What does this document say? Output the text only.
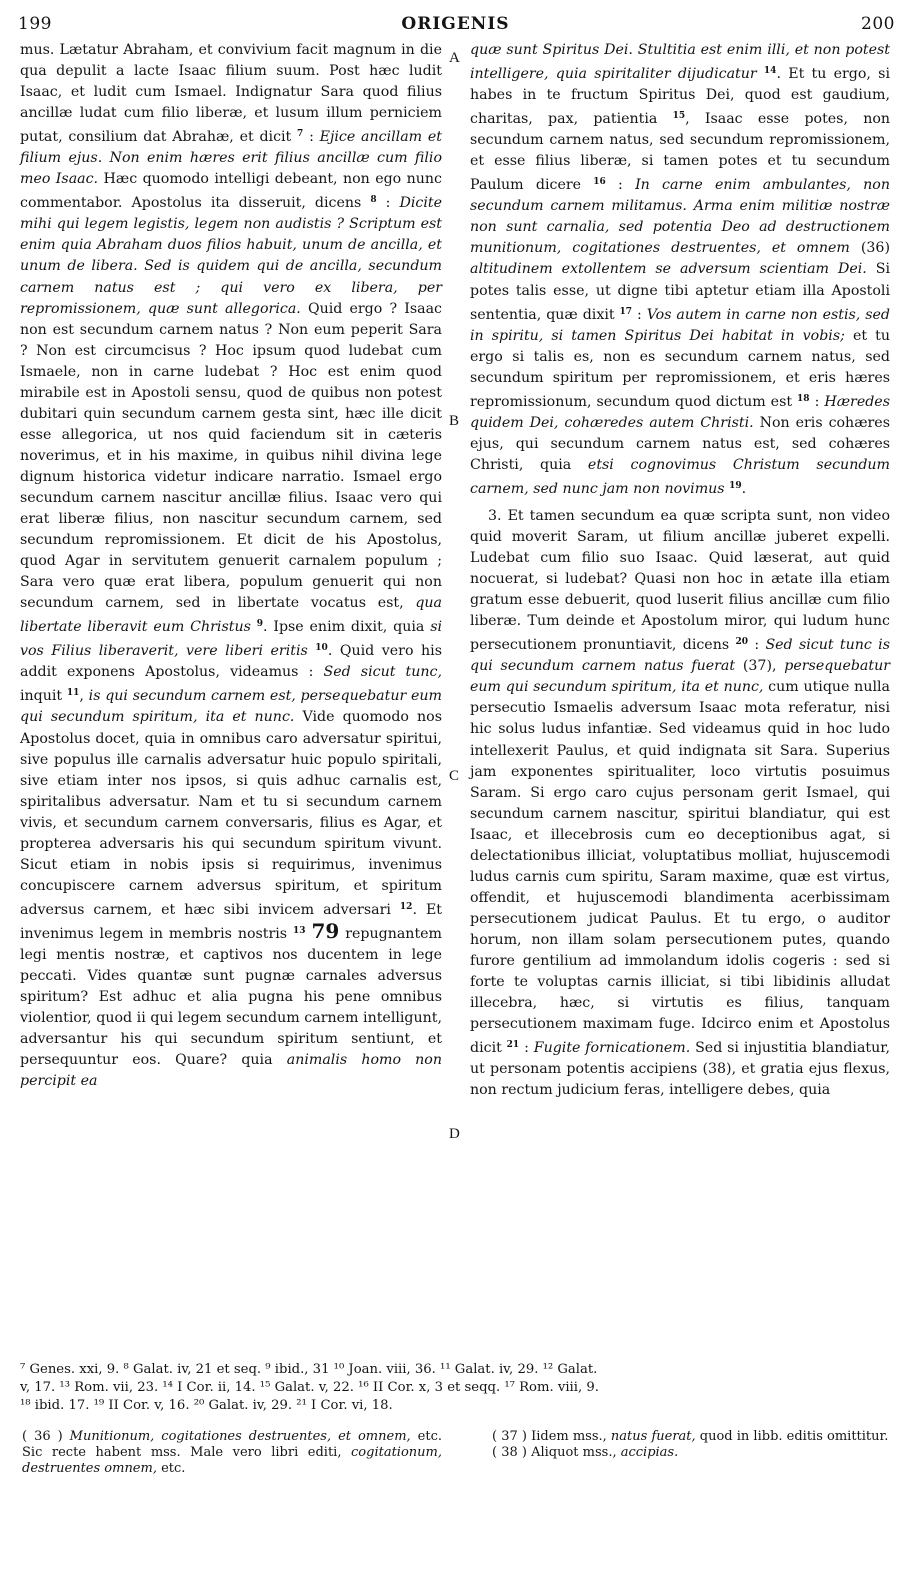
199	ORIGENIS	200

mus. Lætatur Abraham, et convivium facit magnum in die qua depulit a lacte Isaac filium suum. Post hæc ludit Isaac, et ludit cum Ismael. Indignatur Sara quod filius ancillæ ludat cum filio liberæ, et lusum illum perniciem putat, consilium dat Abrahæ, et dicit $^7$ : Ejice ancillam et filium ejus. Non enim hæres erit filius ancillæ cum filio meo Isaac. Hæc quomodo intelligi debeant, non ego nunc commentabor. Apostolus ita disseruit, dicens $^8$ : Dicite mihi qui legem legistis, legem non audistis ? Scriptum est enim quia Abraham duos filios habuit, unum de ancilla, et unum de libera. Sed is quidem qui de ancilla, secundum carnem natus est ; qui vero ex libera, per repromissionem, quæ sunt allegorica. Quid ergo ? Isaac non est secundum carnem natus ? Non eum peperit Sara ? Non est circumcisus ? Hoc ipsum quod ludebat cum Ismaele, non in carne ludebat ? Hoc est enim quod mirabile est in Apostoli sensu, quod de quibus non potest dubitari quin secundum carnem gesta sint, hæc ille dicit esse allegorica, ut nos quid faciendum sit in cæteris noverimus, et in his maxime, in quibus nihil divina lege dignum historica videtur indicare narratio. Ismael ergo secundum carnem nascitur ancillæ filius. Isaac vero qui erat liberæ filius, non nascitur secundum carnem, sed secundum repromissionem. Et dicit de his Apostolus, quod Agar in servitutem genuerit carnalem populum ; Sara vero quæ erat libera, populum genuerit qui non secundum carnem, sed in libertate vocatus est, qua libertate liberavit eum Christus $^9$. Ipse enim dixit, quia si vos Filius liberaverit, vere liberi eritis $^{10}$. Quid vero his addit exponens Apostolus, videamus : Sed sicut tunc, inquit $^{11}$, is qui secundum carnem est, persequebatur eum qui secundum spiritum, ita et nunc. Vide quomodo nos Apostolus docet, quia in omnibus caro adversatur spiritui, sive populus ille carnalis adversatur huic populo spiritali, sive etiam inter nos ipsos, si quis adhuc carnalis est, spiritalibus adversatur. Nam et tu si secundum carnem vivis, et secundum carnem conversaris, filius es Agar, et propterea adversaris his qui secundum spiritum vivunt. Sicut etiam in nobis ipsis si requirimus, invenimus concupiscere carnem adversus spiritum, et spiritum adversus carnem, et hæc sibi invicem adversari $^{12}$. Et invenimus legem in membris nostris $^{13}$ 79 repugnantem legi mentis nostræ, et captivos nos ducentem in lege peccati. Vides quantæ sunt pugnæ carnales adversus spiritum? Est adhuc et alia pugna his pene omnibus violentior, quod ii qui legem secundum carnem intelligunt, adversantur his qui secundum spiritum sentiunt, et persequuntur eos. Quare? quia animalis homo non percipit ea

A
B
C
D

quæ sunt Spiritus Dei. Stultitia est enim illi, et non potest intelligere, quia spiritaliter dijudicatur $^{14}$. Et tu ergo, si habes in te fructum Spiritus Dei, quod est gaudium, charitas, pax, patientia $^{15}$, Isaac esse potes, non secundum carnem natus, sed secundum repromissionem, et esse filius liberæ, si tamen potes et tu secundum Paulum dicere $^{16}$ : In carne enim ambulantes, non secundum carnem militamus. Arma enim militiæ nostræ non sunt carnalia, sed potentia Deo ad destructionem munitionum, cogitationes destruentes, et omnem (36) altitudinem extollentem se adversum scientiam Dei. Si potes talis esse, ut digne tibi aptetur etiam illa Apostoli sententia, quæ dixit $^{17}$ : Vos autem in carne non estis, sed in spiritu, si tamen Spiritus Dei habitat in vobis; et tu ergo si talis es, non es secundum carnem natus, sed secundum spiritum per repromissionem, et eris hæres repromissionum, secundum quod dictum est $^{18}$ : Hæredes quidem Dei, cohæredes autem Christi. Non eris cohæres ejus, qui secundum carnem natus est, sed cohæres Christi, quia etsi cognovimus Christum secundum carnem, sed nunc jam non novimus $^{19}$.

3. Et tamen secundum ea quæ scripta sunt, non video quid moverit Saram, ut filium ancillæ juberet expelli. Ludebat cum filio suo Isaac. Quid læserat, aut quid nocuerat, si ludebat? Quasi non hoc in ætate illa etiam gratum esse debuerit, quod luserit filius ancillæ cum filio liberæ. Tum deinde et Apostolum miror, qui ludum hunc persecutionem pronuntiavit, dicens $^{20}$ : Sed sicut tunc is qui secundum carnem natus fuerat (37), persequebatur eum qui secundum spiritum, ita et nunc, cum utique nulla persecutio Ismaelis adversum Isaac mota referatur, nisi hic solus ludus infantiæ. Sed videamus quid in hoc ludo intellexerit Paulus, et quid indignata sit Sara. Superius jam exponentes spiritualiter, loco virtutis posuimus Saram. Si ergo caro cujus personam gerit Ismael, qui secundum carnem nascitur, spiritui blandiatur, qui est Isaac, et illecebrosis cum eo deceptionibus agat, si delectationibus illiciat, voluptatibus molliat, hujuscemodi ludus carnis cum spiritu, Saram maxime, quæ est virtus, offendit, et hujuscemodi blandimenta acerbissimam persecutionem judicat Paulus. Et tu ergo, o auditor horum, non illam solam persecutionem putes, quando furore gentilium ad immolandum idolis cogeris : sed si forte te voluptas carnis illiciat, si tibi libidinis alludat illecebra, hæc, si virtutis es filius, tanquam persecutionem maximam fuge. Idcirco enim et Apostolus dicit $^{21}$ : Fugite fornicationem. Sed si injustitia blandiatur, ut personam potentis accipiens (38), et gratia ejus flexus, non rectum judicium feras, intelligere debes, quia

⁷ Genes. xxi, 9. ⁸ Galat. iv, 21 et seq. ⁹ ibid., 31 ¹⁰ Joan. viii, 36. ¹¹ Galat. iv, 29. ¹² Galat.
v, 17. ¹³ Rom. vii, 23. ¹⁴ I Cor. ii, 14. ¹⁵ Galat. v, 22. ¹⁶ II Cor. x, 3 et seqq. ¹⁷ Rom. viii, 9.
¹⁸ ibid. 17. ¹⁹ II Cor. v, 16. ²⁰ Galat. iv, 29. ²¹ I Cor. vi, 18.
( 36 ) Munitionum, cogitationes destruentes, et omnem, etc. Sic recte habent mss. Male vero libri editi, cogitationum, destruentes omnem, etc.
( 37 ) Iidem mss., natus fuerat, quod in libb. editis omittitur.
( 38 ) Aliquot mss., accipias.
